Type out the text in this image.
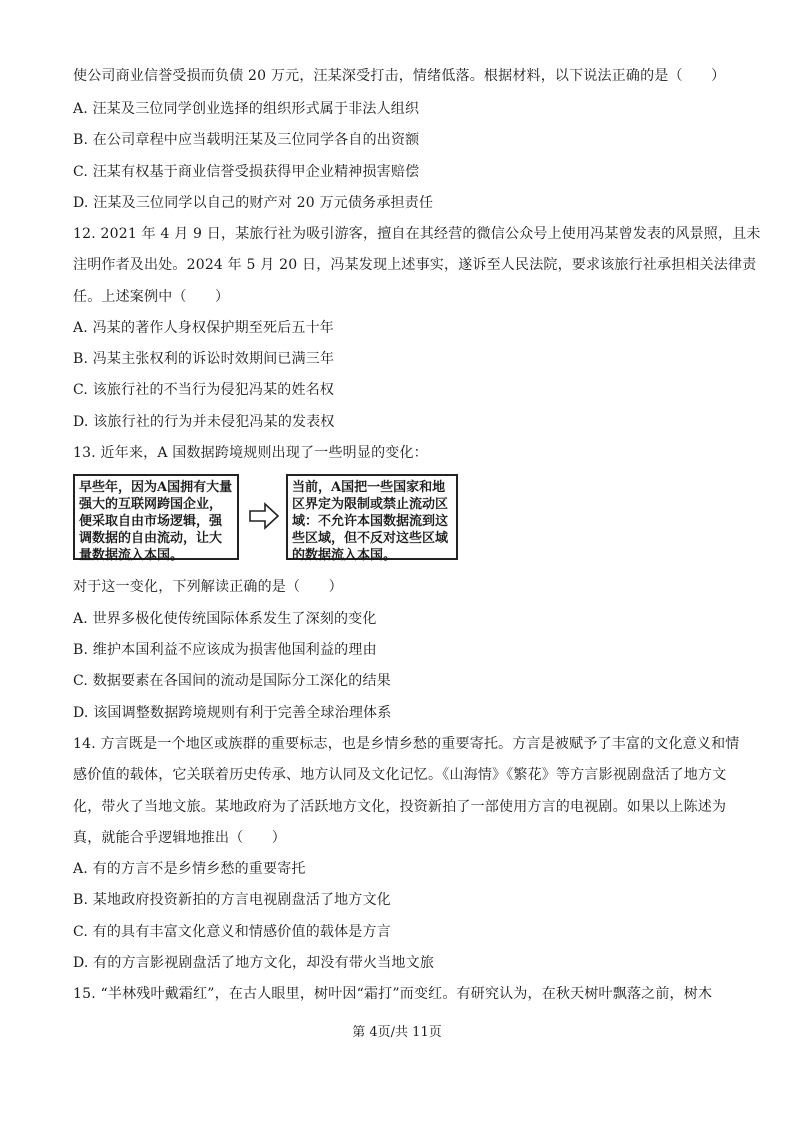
使公司商业信誉受损而负债 20 万元，汪某深受打击，情绪低落。根据材料，以下说法正确的是（　　）
A. 汪某及三位同学创业选择的组织形式属于非法人组织
B. 在公司章程中应当载明汪某及三位同学各自的出资额
C. 汪某有权基于商业信誉受损获得甲企业精神损害赔偿
D. 汪某及三位同学以自己的财产对 20 万元债务承担责任
12. 2021 年 4 月 9 日，某旅行社为吸引游客，擅自在其经营的微信公众号上使用冯某曾发表的风景照，且未
注明作者及出处。2024 年 5 月 20 日，冯某发现上述事实，遂诉至人民法院，要求该旅行社承担相关法律责
任。上述案例中（　　）
A. 冯某的著作人身权保护期至死后五十年
B. 冯某主张权利的诉讼时效期间已满三年
C. 该旅行社的不当行为侵犯冯某的姓名权
D. 该旅行社的行为并未侵犯冯某的发表权
13. 近年来，A 国数据跨境规则出现了一些明显的变化：
早些年，因为A国拥有大量强大的互联网跨国企业，便采取自由市场逻辑，强调数据的自由流动，让大量数据流入本国。
当前，A国把一些国家和地区界定为限制或禁止流动区域：不允许本国数据流到这些区域，但不反对这些区域的数据流入本国。
对于这一变化，下列解读正确的是（　　）
A. 世界多极化使传统国际体系发生了深刻的变化
B. 维护本国利益不应该成为损害他国利益的理由
C. 数据要素在各国间的流动是国际分工深化的结果
D. 该国调整数据跨境规则有利于完善全球治理体系
14. 方言既是一个地区或族群的重要标志，也是乡情乡愁的重要寄托。方言是被赋予了丰富的文化意义和情
感价值的载体，它关联着历史传承、地方认同及文化记忆。《山海情》《繁花》等方言影视剧盘活了地方文
化，带火了当地文旅。某地政府为了活跃地方文化，投资新拍了一部使用方言的电视剧。如果以上陈述为
真，就能合乎逻辑地推出（　　）
A. 有的方言不是乡情乡愁的重要寄托
B. 某地政府投资新拍的方言电视剧盘活了地方文化
C. 有的具有丰富文化意义和情感价值的载体是方言
D. 有的方言影视剧盘活了地方文化，却没有带火当地文旅
15. “半林残叶戴霜红”，在古人眼里，树叶因“霜打”而变红。有研究认为，在秋天树叶飘落之前，树木
第 4页/共 11页
